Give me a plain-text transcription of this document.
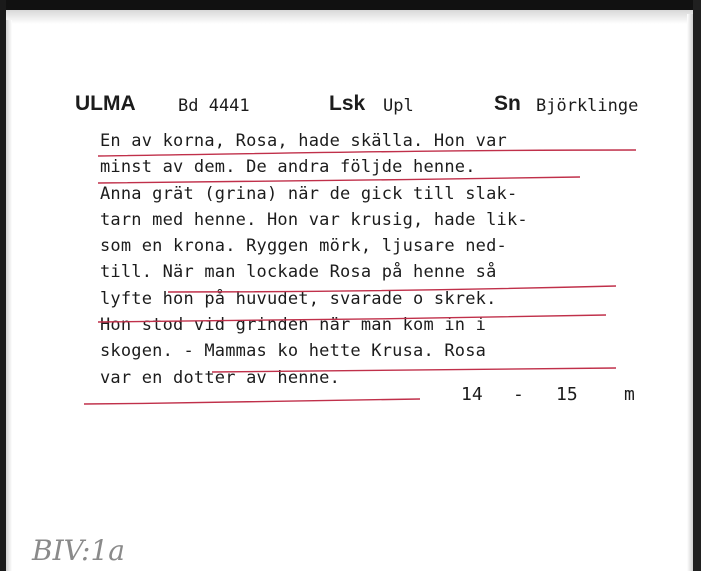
ULMA Bd 4441	Lsk Upl	Sn Björklinge
En av korna, Rosa, hade skälla. Hon var
minst av dem. De andra följde henne.
Anna grät (grina) när de gick till slak-
tarn med henne. Hon var krusig, hade lik-
som en krona. Ryggen mörk, ljusare ned-
till. När man lockade Rosa på henne så
lyfte hon på huvudet, svarade o skrek.
Hon stod vid grinden när man kom in i
skogen. - Mammas ko hette Krusa. Rosa
var en dotter av henne.
14 - 15	m
BIV:1a
